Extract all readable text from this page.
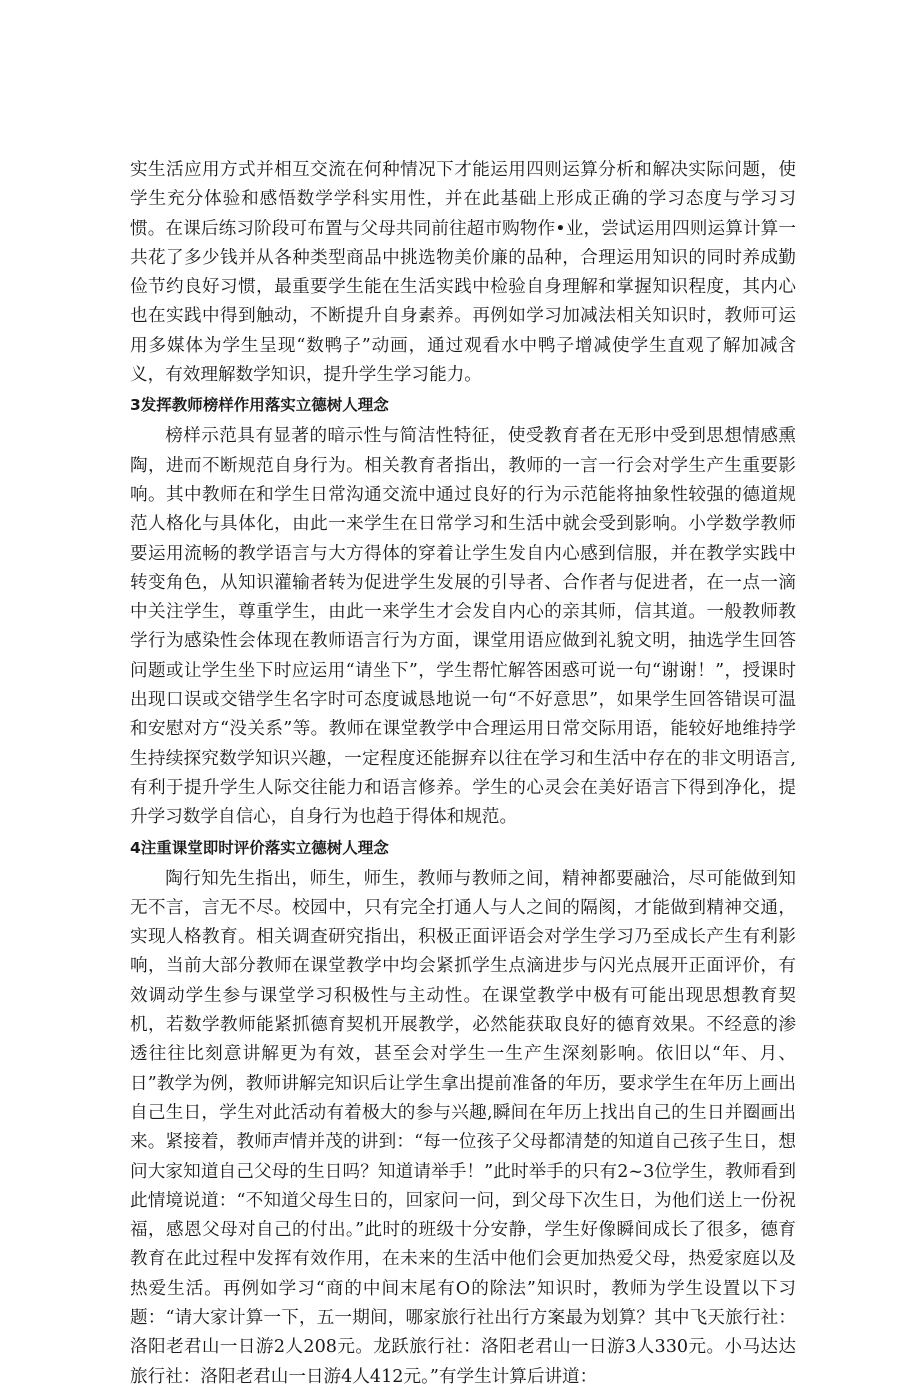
实生活应用方式并相互交流在何种情况下才能运用四则运算分析和解决实际问题，使学生充分体验和感悟数学学科实用性，并在此基础上形成正确的学习态度与学习习惯。在课后练习阶段可布置与父母共同前往超市购物作•业，尝试运用四则运算计算一共花了多少钱并从各种类型商品中挑选物美价廉的品种，合理运用知识的同时养成勤俭节约良好习惯，最重要学生能在生活实践中检验自身理解和掌握知识程度，其内心也在实践中得到触动，不断提升自身素养。再例如学习加减法相关知识时，教师可运用多媒体为学生呈现“数鸭子”动画，通过观看水中鸭子增减使学生直观了解加减含义，有效理解数学知识，提升学生学习能力。

3发挥教师榜样作用落实立德树人理念

榜样示范具有显著的暗示性与简洁性特征，使受教育者在无形中受到思想情感熏陶，进而不断规范自身行为。相关教育者指出，教师的一言一行会对学生产生重要影响。其中教师在和学生日常沟通交流中通过良好的行为示范能将抽象性较强的德道规范人格化与具体化，由此一来学生在日常学习和生活中就会受到影响。小学数学教师要运用流畅的教学语言与大方得体的穿着让学生发自内心感到信服，并在教学实践中转变角色，从知识灌输者转为促进学生发展的引导者、合作者与促进者，在一点一滴中关注学生，尊重学生，由此一来学生才会发自内心的亲其师，信其道。一般教师教学行为感染性会体现在教师语言行为方面，课堂用语应做到礼貌文明，抽选学生回答问题或让学生坐下时应运用“请坐下”，学生帮忙解答困惑可说一句“谢谢！”，授课时出现口误或交错学生名字时可态度诚恳地说一句“不好意思”，如果学生回答错误可温和安慰对方“没关系”等。教师在课堂教学中合理运用日常交际用语，能较好地维持学生持续探究数学知识兴趣，一定程度还能摒弃以往在学习和生活中存在的非文明语言,有利于提升学生人际交往能力和语言修养。学生的心灵会在美好语言下得到净化，提升学习数学自信心，自身行为也趋于得体和规范。

4注重课堂即时评价落实立德树人理念

陶行知先生指出，师生，师生，教师与教师之间，精神都要融洽，尽可能做到知无不言，言无不尽。校园中，只有完全打通人与人之间的隔阂，才能做到精神交通，实现人格教育。相关调查研究指出，积极正面评语会对学生学习乃至成长产生有利影响，当前大部分教师在课堂教学中均会紧抓学生点滴进步与闪光点展开正面评价，有效调动学生参与课堂学习积极性与主动性。在课堂教学中极有可能出现思想教育契机，若数学教师能紧抓德育契机开展教学，必然能获取良好的德育效果。不经意的渗透往往比刻意讲解更为有效，甚至会对学生一生产生深刻影响。依旧以“年、月、日”教学为例，教师讲解完知识后让学生拿出提前准备的年历，要求学生在年历上画出自己生日，学生对此活动有着极大的参与兴趣,瞬间在年历上找出自己的生日并圈画出来。紧接着，教师声情并茂的讲到：“每一位孩子父母都清楚的知道自己孩子生日，想问大家知道自己父母的生日吗？知道请举手！”此时举手的只有2~3位学生，教师看到此情境说道：“不知道父母生日的，回家问一问，到父母下次生日，为他们送上一份祝福，感恩父母对自己的付出。”此时的班级十分安静，学生好像瞬间成长了很多，德育教育在此过程中发挥有效作用，在未来的生活中他们会更加热爱父母，热爱家庭以及热爱生活。再例如学习“商的中间末尾有O的除法”知识时，教师为学生设置以下习题：“请大家计算一下，五一期间，哪家旅行社出行方案最为划算？其中飞天旅行社：洛阳老君山一日游2人208元。龙跃旅行社：洛阳老君山一日游3人330元。小马达达旅行社：洛阳老君山一日游4人412元。”有学生计算后讲道：
